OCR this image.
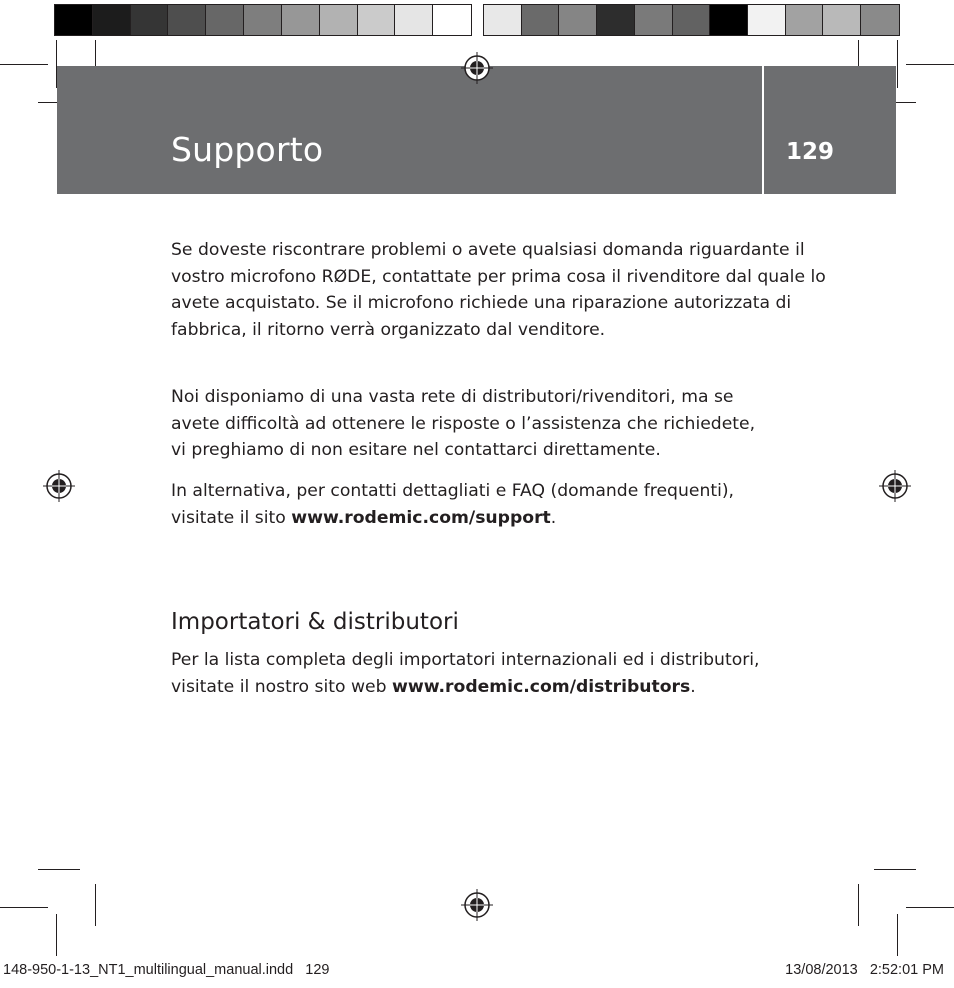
Supporto	129

Se doveste riscontrare problemi o avete qualsiasi domanda riguardante il vostro microfono RØDE, contattate per prima cosa il rivenditore dal quale lo avete acquistato. Se il microfono richiede una riparazione autorizzata di fabbrica, il ritorno verrà organizzato dal venditore.

Noi disponiamo di una vasta rete di distributori/rivenditori, ma se
avete difficoltà ad ottenere le risposte o l’assistenza che richiedete,
vi preghiamo di non esitare nel contattarci direttamente.

In alternativa, per contatti dettagliati e FAQ (domande frequenti),
visitate il sito www.rodemic.com/support.

Importatori & distributori

Per la lista completa degli importatori internazionali ed i distributori,
visitate il nostro sito web www.rodemic.com/distributors.

148-950-1-13_NT1_multilingual_manual.indd 129	13/08/2013 2:52:01 PM
